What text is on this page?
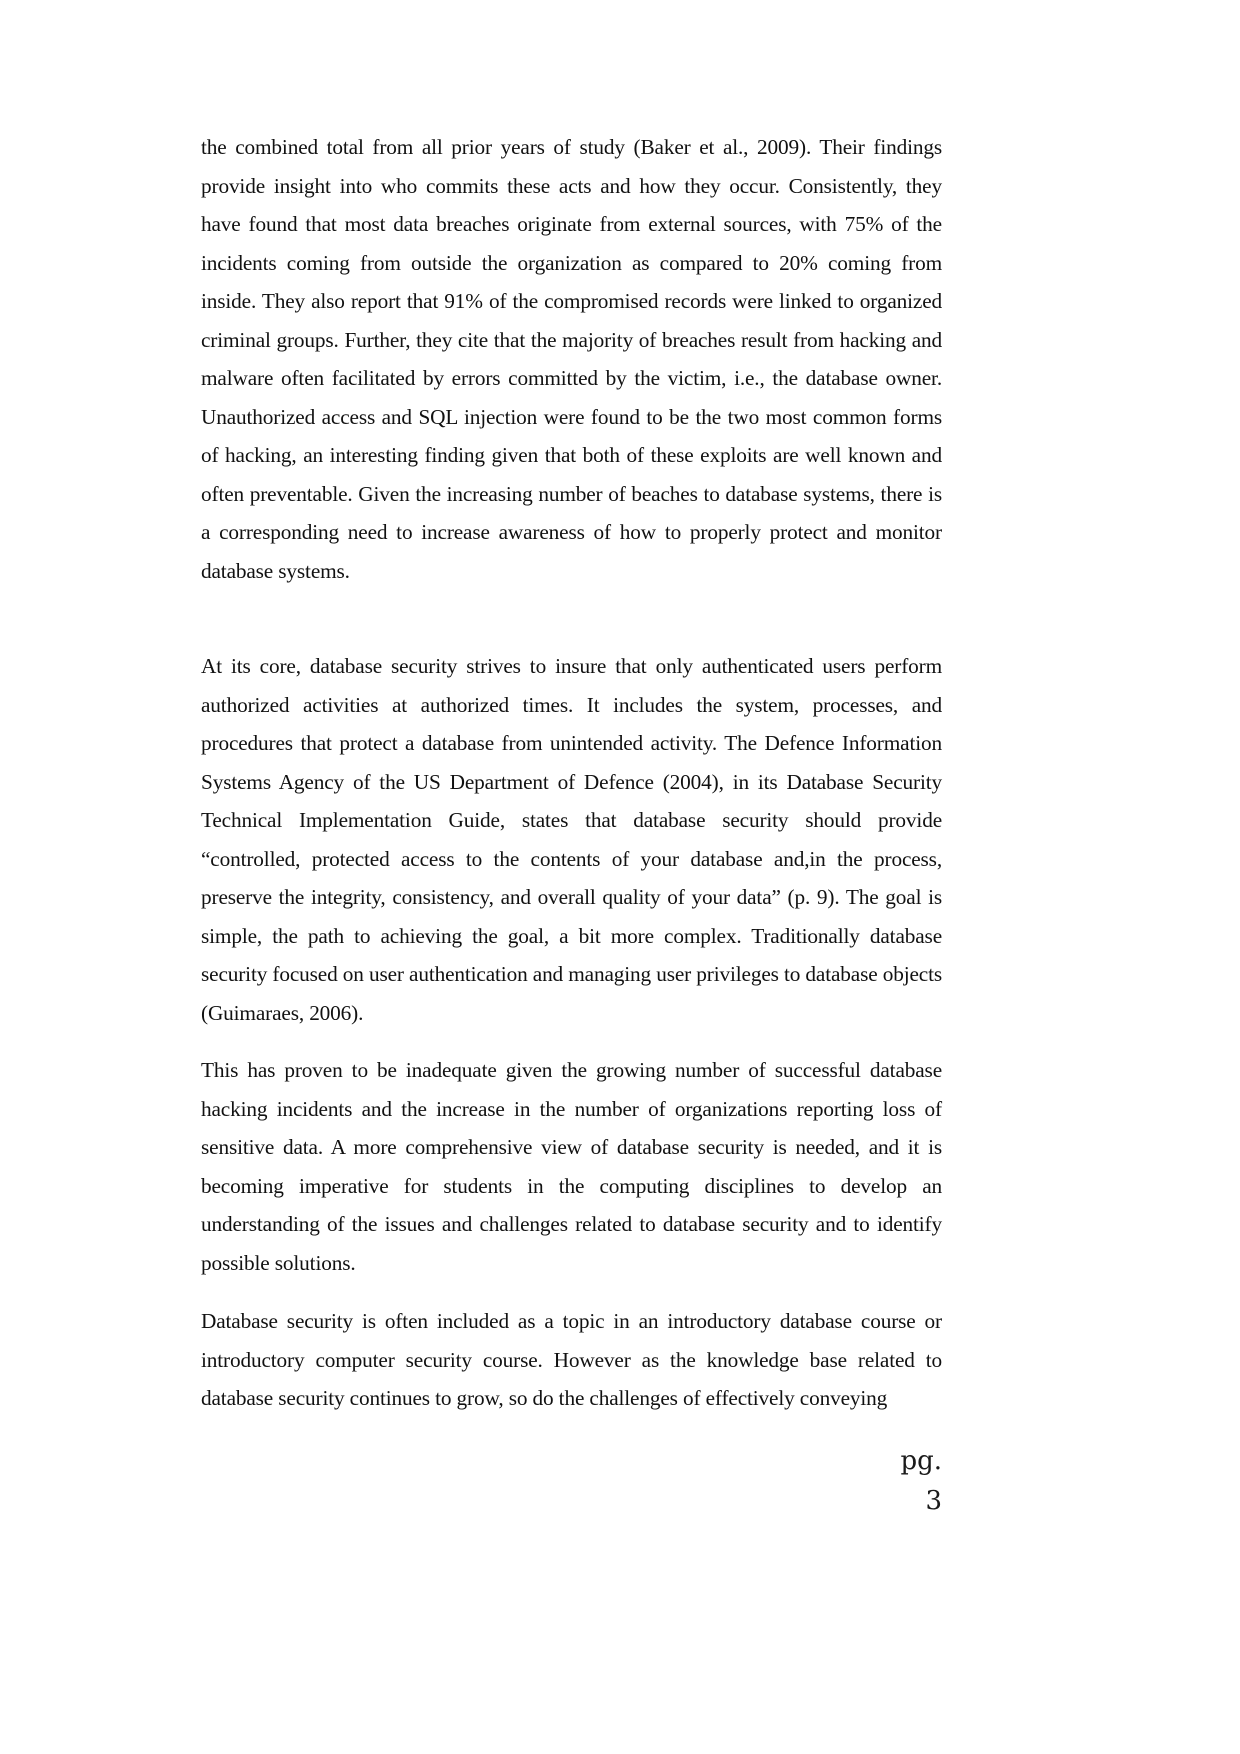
the combined total from all prior years of study (Baker et al., 2009). Their findings provide insight into who commits these acts and how they occur. Consistently, they have found that most data breaches originate from external sources, with 75% of the incidents coming from outside the organization as compared to 20% coming from inside. They also report that 91% of the compromised records were linked to organized criminal groups. Further, they cite that the majority of breaches result from hacking and malware often facilitated by errors committed by the victim, i.e., the database owner. Unauthorized access and SQL injection were found to be the two most common forms of hacking, an interesting finding given that both of these exploits are well known and often preventable. Given the increasing number of beaches to database systems, there is a corresponding need to increase awareness of how to properly protect and monitor database systems.

At its core, database security strives to insure that only authenticated users perform authorized activities at authorized times. It includes the system, processes, and procedures that protect a database from unintended activity. The Defence Information Systems Agency of the US Department of Defence (2004), in its Database Security Technical Implementation Guide, states that database security should provide “controlled, protected access to the contents of your database and,in the process, preserve the integrity, consistency, and overall quality of your data” (p. 9). The goal is simple, the path to achieving the goal, a bit more complex. Traditionally database security focused on user authentication and managing user privileges to database objects (Guimaraes, 2006).

This has proven to be inadequate given the growing number of successful database hacking incidents and the increase in the number of organizations reporting loss of sensitive data. A more comprehensive view of database security is needed, and it is becoming imperative for students in the computing disciplines to develop an understanding of the issues and challenges related to database security and to identify possible solutions.

Database security is often included as a topic in an introductory database course or introductory computer security course. However as the knowledge base related to database security continues to grow, so do the challenges of effectively conveying

pg. 3
